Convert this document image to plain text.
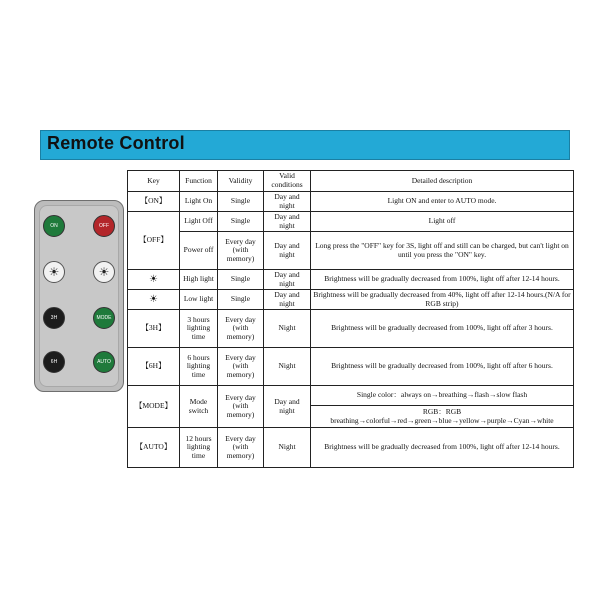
Remote Control
ON	OFF
☀	☀
3H	MODE
6H	AUTO
Key	Function	Validity	Valid conditions	Detailed description
【ON】	Light On	Single	Day and night	Light ON and enter to AUTO mode.
【OFF】	Light Off	Single	Day and night	Light off
	Power off	Every day (with memory)	Day and night	Long press the "OFF" key for 3S, light off and still can be charged, but can't light on until you press the "ON" key.
☀	High light	Single	Day and night	Brightness will be gradually decreased from 100%, light off after 12-14 hours.
☀	Low light	Single	Day and night	Brightness will be gradually decreased from 40%, light off after 12-14 hours.(N/A for RGB strip)
【3H】	3 hours lighting time	Every day (with memory)	Night	Brightness will be gradually decreased from 100%, light off after 3 hours.
【6H】	6 hours lighting time	Every day (with memory)	Night	Brightness will be gradually decreased from 100%, light off after 6 hours.
【MODE】	Mode switch	Every day (with memory)	Day and night	Single color：always on→breathing→flash→slow flash
				RGB：RGB breathing→colorful→red→green→blue→yellow→purple→Cyan→white
【AUTO】	12 hours lighting time	Every day (with memory)	Night	Brightness will be gradually decreased from 100%, light off after 12-14 hours.
